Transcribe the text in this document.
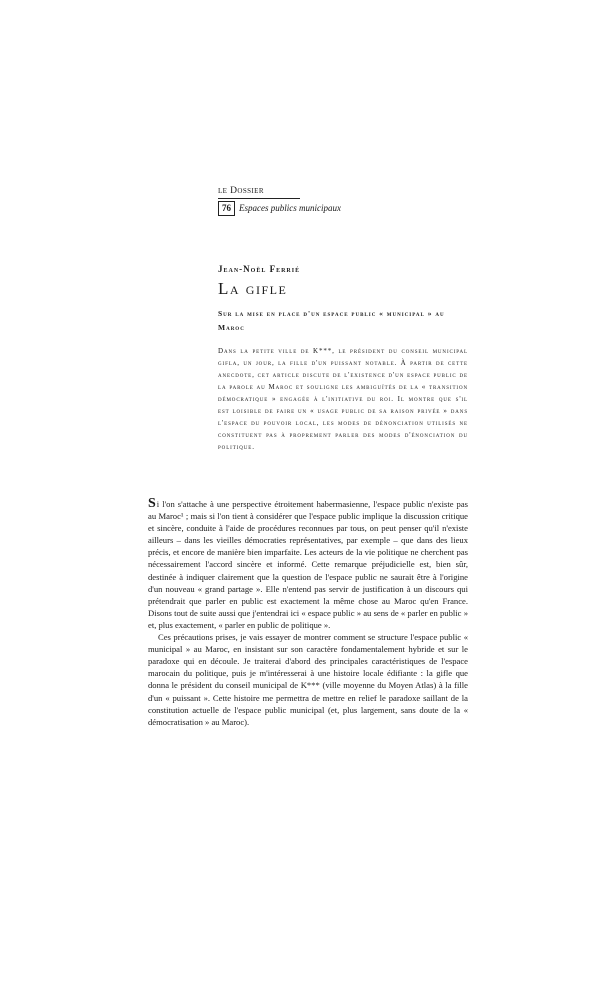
le Dossier
76 Espaces publics municipaux
Jean-Noël Ferrié
La gifle
Sur la mise en place d'un espace public « municipal » au Maroc
Dans la petite ville de K***, le président du conseil municipal gifla, un jour, la fille d'un puissant notable. À partir de cette anecdote, cet article discute de l'existence d'un espace public de la parole au Maroc et souligne les ambiguïtés de la « transition démocratique » engagée à l'initiative du roi. Il montre que s'il est loisible de faire un « usage public de sa raison privée » dans l'espace du pouvoir local, les modes de dénonciation utilisés ne constituent pas à proprement parler des modes d'énonciation du politique.

Si l'on s'attache à une perspective étroitement habermasienne, l'espace public n'existe pas au Maroc¹ ; mais si l'on tient à considérer que l'espace public implique la discussion critique et sincère, conduite à l'aide de procédures reconnues par tous, on peut penser qu'il n'existe ailleurs – dans les vieilles démocraties représentatives, par exemple – que dans des lieux précis, et encore de manière bien imparfaite. Les acteurs de la vie politique ne cherchent pas nécessairement l'accord sincère et informé. Cette remarque préjudicielle est, bien sûr, destinée à indiquer clairement que la question de l'espace public ne saurait être à l'origine d'un nouveau « grand partage ». Elle n'entend pas servir de justification à un discours qui prétendrait que parler en public est exactement la même chose au Maroc qu'en France. Disons tout de suite aussi que j'entendrai ici « espace public » au sens de « parler en public » et, plus exactement, « parler en public de politique ».

Ces précautions prises, je vais essayer de montrer comment se structure l'espace public « municipal » au Maroc, en insistant sur son caractère fondamentalement hybride et sur le paradoxe qui en découle. Je traiterai d'abord des principales caractéristiques de l'espace marocain du politique, puis je m'intéresserai à une histoire locale édifiante : la gifle que donna le président du conseil municipal de K*** (ville moyenne du Moyen Atlas) à la fille d'un « puissant ». Cette histoire me permettra de mettre en relief le paradoxe saillant de la constitution actuelle de l'espace public municipal (et, plus largement, sans doute de la « démocratisation » au Maroc).
